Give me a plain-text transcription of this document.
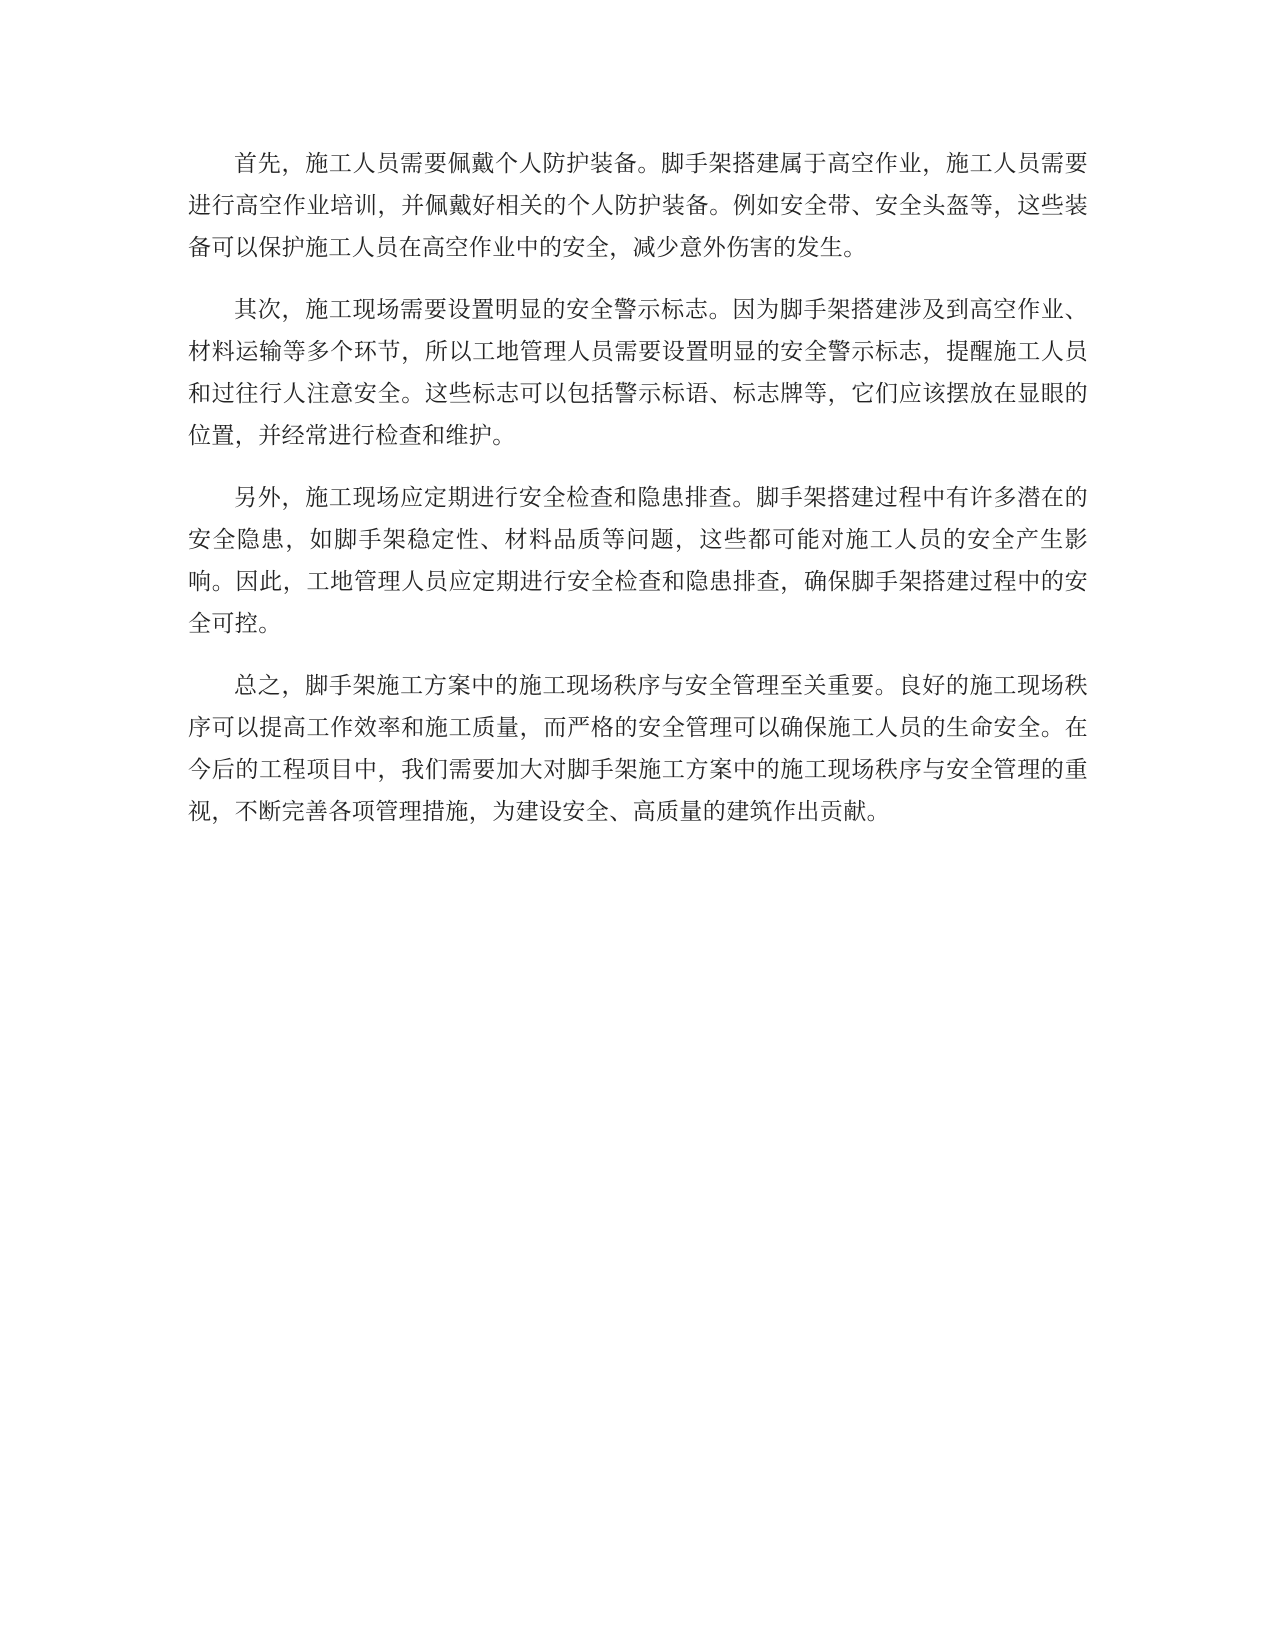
首先，施工人员需要佩戴个人防护装备。脚手架搭建属于高空作业，施工人员需要进行高空作业培训，并佩戴好相关的个人防护装备。例如安全带、安全头盔等，这些装备可以保护施工人员在高空作业中的安全，减少意外伤害的发生。

其次，施工现场需要设置明显的安全警示标志。因为脚手架搭建涉及到高空作业、材料运输等多个环节，所以工地管理人员需要设置明显的安全警示标志，提醒施工人员和过往行人注意安全。这些标志可以包括警示标语、标志牌等，它们应该摆放在显眼的位置，并经常进行检查和维护。

另外，施工现场应定期进行安全检查和隐患排查。脚手架搭建过程中有许多潜在的安全隐患，如脚手架稳定性、材料品质等问题，这些都可能对施工人员的安全产生影响。因此，工地管理人员应定期进行安全检查和隐患排查，确保脚手架搭建过程中的安全可控。

总之，脚手架施工方案中的施工现场秩序与安全管理至关重要。良好的施工现场秩序可以提高工作效率和施工质量，而严格的安全管理可以确保施工人员的生命安全。在今后的工程项目中，我们需要加大对脚手架施工方案中的施工现场秩序与安全管理的重视，不断完善各项管理措施，为建设安全、高质量的建筑作出贡献。
